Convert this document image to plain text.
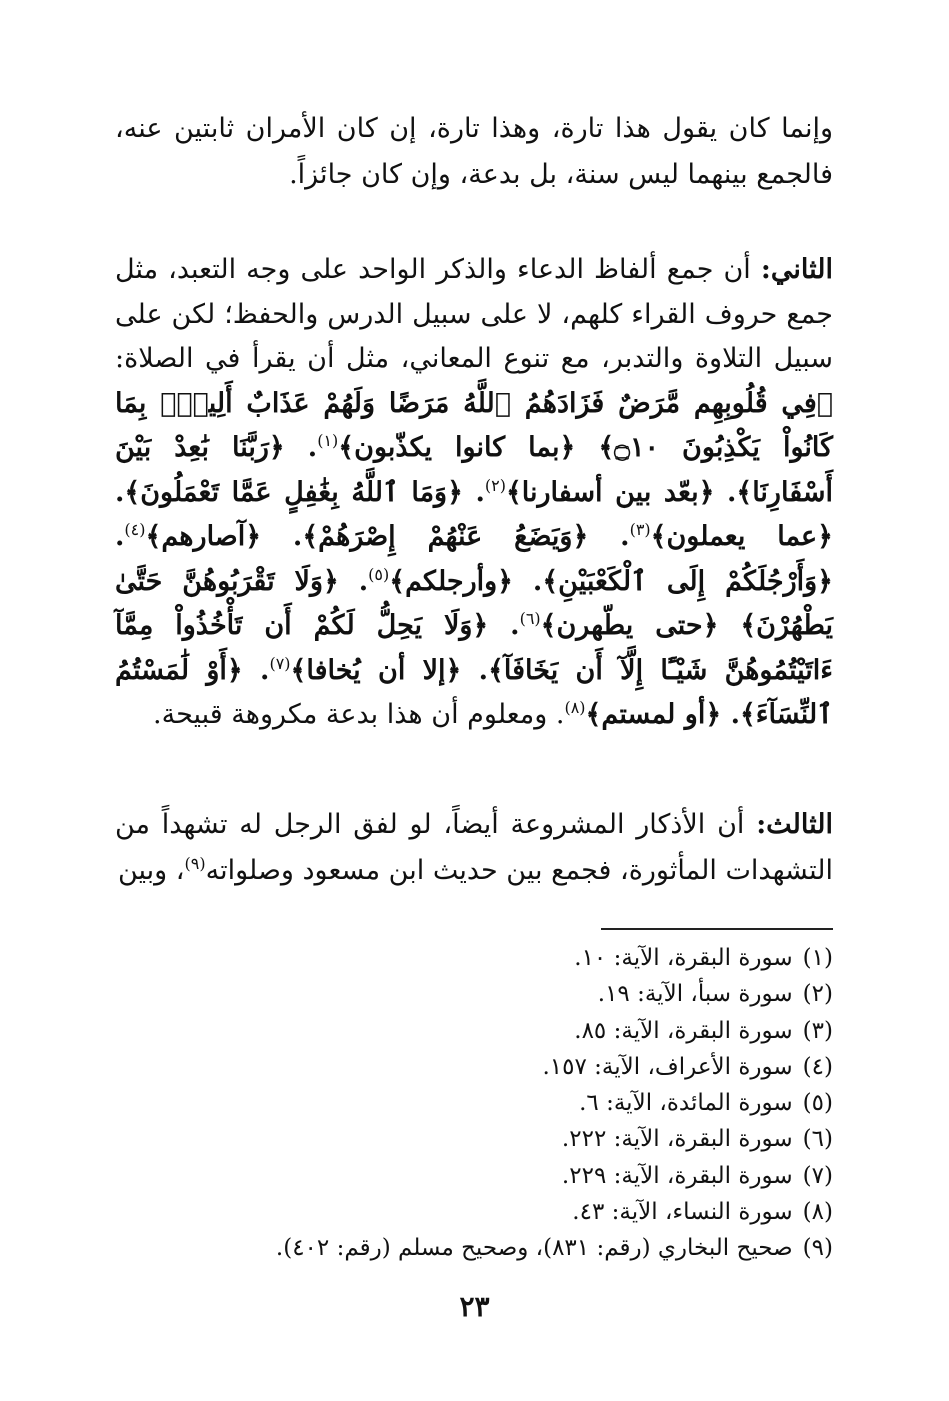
وإنما كان يقول هذا تارة، وهذا تارة، إن كان الأمران ثابتين عنه، فالجمع بينهما ليس سنة، بل بدعة، وإن كان جائزاً.

الثاني: أن جمع ألفاظ الدعاء والذكر الواحد على وجه التعبد، مثل جمع حروف القراء كلهم، لا على سبيل الدرس والحفظ؛ لكن على سبيل التلاوة والتدبر، مع تنوع المعاني، مثل أن يقرأ في الصلاة: ﴿فِي قُلُوبِهِم مَّرَضٌ فَزَادَهُمُ ٱللَّهُ مَرَضًا وَلَهُمْ عَذَابٌ أَلِيمٌۢ بِمَا كَانُواْ يَكْذِبُونَ ۝١٠﴾ ﴿بما كانوا يكذّبون﴾$^{(١)}$. ﴿رَبَّنَا بَٰعِدْ بَيْنَ أَسْفَارِنَا﴾. ﴿بعّد بين أسفارنا﴾$^{(٢)}$. ﴿وَمَا ٱللَّهُ بِغَٰفِلٍ عَمَّا تَعْمَلُونَ﴾. ﴿عما يعملون﴾$^{(٣)}$. ﴿وَيَضَعُ عَنْهُمْ إِصْرَهُمْ﴾. ﴿آصارهم﴾$^{(٤)}$. ﴿وَأَرْجُلَكُمْ إِلَى ٱلْكَعْبَيْنِ﴾. ﴿وأرجلكم﴾$^{(٥)}$. ﴿وَلَا تَقْرَبُوهُنَّ حَتَّىٰ يَطْهُرْنَ﴾ ﴿حتى يطّهرن﴾$^{(٦)}$. ﴿وَلَا يَحِلُّ لَكُمْ أَن تَأْخُذُواْ مِمَّآ ءَاتَيْتُمُوهُنَّ شَيْـًٔا إِلَّآ أَن يَخَافَآ﴾. ﴿إلا أن يُخافا﴾$^{(٧)}$. ﴿أَوْ لَٰمَسْتُمُ ٱلنِّسَآءَ﴾. ﴿أو لمستم﴾$^{(٨)}$. ومعلوم أن هذا بدعة مكروهة قبيحة.

الثالث: أن الأذكار المشروعة أيضاً، لو لفق الرجل له تشهداً من التشهدات المأثورة، فجمع بين حديث ابن مسعود وصلواته$^{(٩)}$، وبين

(١)سورة البقرة، الآية: ١٠.
(٢)سورة سبأ، الآية: ١٩.
(٣)سورة البقرة، الآية: ٨٥.
(٤)سورة الأعراف، الآية: ١٥٧.
(٥)سورة المائدة، الآية: ٦.
(٦)سورة البقرة، الآية: ٢٢٢.
(٧)سورة البقرة، الآية: ٢٢٩.
(٨)سورة النساء، الآية: ٤٣.
(٩)صحيح البخاري (رقم: ٨٣١)، وصحيح مسلم (رقم: ٤٠٢).
٢٣
